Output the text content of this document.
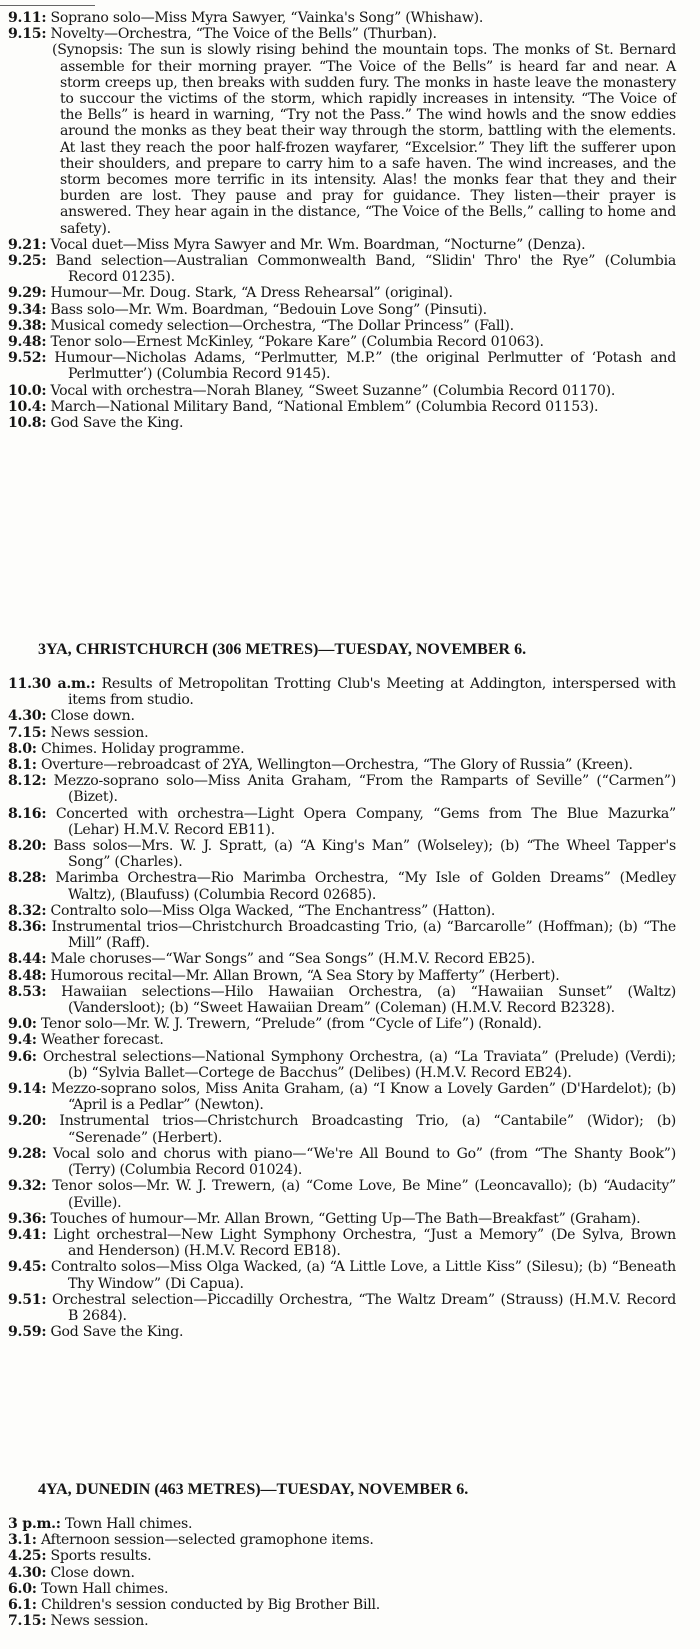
9.11: Soprano solo—Miss Myra Sawyer, “Vainka's Song” (Whishaw).

9.15: Novelty—Orchestra, “The Voice of the Bells” (Thurban).

(Synopsis: The sun is slowly rising behind the mountain tops. The monks of St. Bernard assemble for their morning prayer. “The Voice of the Bells” is heard far and near. A storm creeps up, then breaks with sudden fury. The monks in haste leave the monastery to succour the victims of the storm, which rapidly increases in intensity. “The Voice of the Bells” is heard in warning, “Try not the Pass.” The wind howls and the snow eddies around the monks as they beat their way through the storm, battling with the elements. At last they reach the poor half-frozen wayfarer, “Excelsior.” They lift the sufferer upon their shoulders, and prepare to carry him to a safe haven. The wind increases, and the storm becomes more terrific in its intensity. Alas! the monks fear that they and their burden are lost. They pause and pray for guidance. They listen—their prayer is answered. They hear again in the distance, “The Voice of the Bells,” calling to home and safety).

9.21: Vocal duet—Miss Myra Sawyer and Mr. Wm. Boardman, “Nocturne” (Denza).

9.25: Band selection—Australian Commonwealth Band, “Slidin' Thro' the Rye” (Columbia Record 01235).

9.29: Humour—Mr. Doug. Stark, “A Dress Rehearsal” (original).

9.34: Bass solo—Mr. Wm. Boardman, “Bedouin Love Song” (Pinsuti).

9.38: Musical comedy selection—Orchestra, “The Dollar Princess” (Fall).

9.48: Tenor solo—Ernest McKinley, “Pokare Kare” (Columbia Record 01063).

9.52: Humour—Nicholas Adams, “Perlmutter, M.P.” (the original Perlmutter of ‘Potash and Perlmutter’) (Columbia Record 9145).

10.0: Vocal with orchestra—Norah Blaney, “Sweet Suzanne” (Columbia Record 01170).

10.4: March—National Military Band, “National Emblem” (Columbia Record 01153).

10.8: God Save the King.

3YA, CHRISTCHURCH (306 METRES)—TUESDAY, NOVEMBER 6.

11.30 a.m.: Results of Metropolitan Trotting Club's Meeting at Addington, interspersed with items from studio.

4.30: Close down.

7.15: News session.

8.0: Chimes. Holiday programme.

8.1: Overture—rebroadcast of 2YA, Wellington—Orchestra, “The Glory of Russia” (Kreen).

8.12: Mezzo-soprano solo—Miss Anita Graham, “From the Ramparts of Seville” (“Carmen”) (Bizet).

8.16: Concerted with orchestra—Light Opera Company, “Gems from The Blue Mazurka” (Lehar) H.M.V. Record EB11).

8.20: Bass solos—Mrs. W. J. Spratt, (a) “A King's Man” (Wolseley); (b) “The Wheel Tapper's Song” (Charles).

8.28: Marimba Orchestra—Rio Marimba Orchestra, “My Isle of Golden Dreams” (Medley Waltz), (Blaufuss) (Columbia Record 02685).

8.32: Contralto solo—Miss Olga Wacked, “The Enchantress” (Hatton).

8.36: Instrumental trios—Christchurch Broadcasting Trio, (a) “Barcarolle” (Hoffman); (b) “The Mill” (Raff).

8.44: Male choruses—“War Songs” and “Sea Songs” (H.M.V. Record EB25).

8.48: Humorous recital—Mr. Allan Brown, “A Sea Story by Mafferty” (Herbert).

8.53: Hawaiian selections—Hilo Hawaiian Orchestra, (a) “Hawaiian Sunset” (Waltz) (Vandersloot); (b) “Sweet Hawaiian Dream” (Coleman) (H.M.V. Record B2328).

9.0: Tenor solo—Mr. W. J. Trewern, “Prelude” (from “Cycle of Life”) (Ronald).

9.4: Weather forecast.

9.6: Orchestral selections—National Symphony Orchestra, (a) “La Traviata” (Prelude) (Verdi); (b) “Sylvia Ballet—Cortege de Bacchus” (Delibes) (H.M.V. Record EB24).

9.14: Mezzo-soprano solos, Miss Anita Graham, (a) “I Know a Lovely Garden” (D'Hardelot); (b) “April is a Pedlar” (Newton).

9.20: Instrumental trios—Christchurch Broadcasting Trio, (a) “Cantabile” (Widor); (b) “Serenade” (Herbert).

9.28: Vocal solo and chorus with piano—“We're All Bound to Go” (from “The Shanty Book”) (Terry) (Columbia Record 01024).

9.32: Tenor solos—Mr. W. J. Trewern, (a) “Come Love, Be Mine” (Leoncavallo); (b) “Audacity” (Eville).

9.36: Touches of humour—Mr. Allan Brown, “Getting Up—The Bath—Breakfast” (Graham).

9.41: Light orchestral—New Light Symphony Orchestra, “Just a Memory” (De Sylva, Brown and Henderson) (H.M.V. Record EB18).

9.45: Contralto solos—Miss Olga Wacked, (a) “A Little Love, a Little Kiss” (Silesu); (b) “Beneath Thy Window” (Di Capua).

9.51: Orchestral selection—Piccadilly Orchestra, “The Waltz Dream” (Strauss) (H.M.V. Record B 2684).

9.59: God Save the King.

4YA, DUNEDIN (463 METRES)—TUESDAY, NOVEMBER 6.

3 p.m.: Town Hall chimes.

3.1: Afternoon session—selected gramophone items.

4.25: Sports results.

4.30: Close down.

6.0: Town Hall chimes.

6.1: Children's session conducted by Big Brother Bill.

7.15: News session.
